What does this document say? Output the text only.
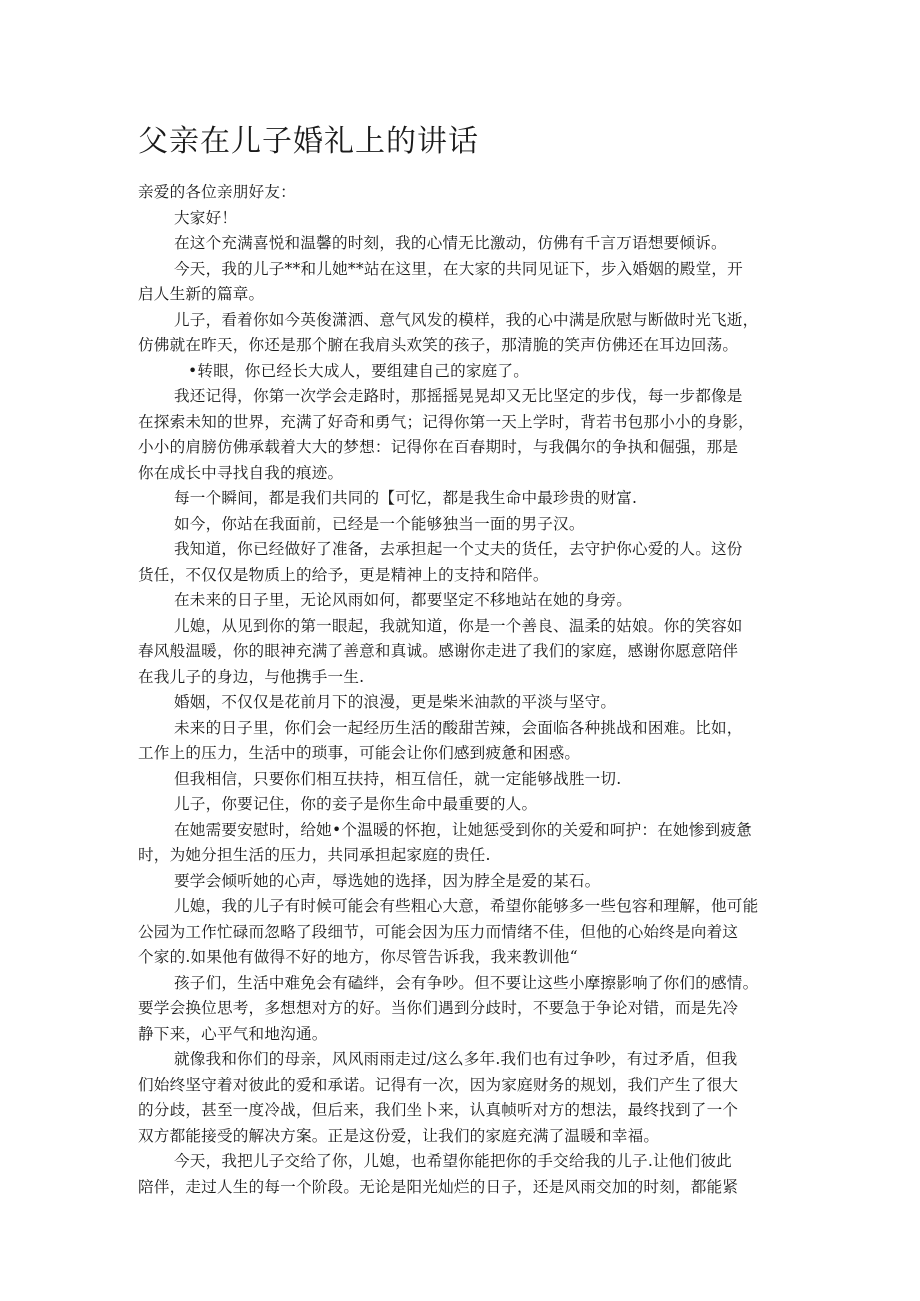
父亲在儿子婚礼上的讲话
亲爱的各位亲朋好友：
大家好！
在这个充满喜悦和温馨的时刻，我的心情无比激动，仿佛有千言万语想要倾诉。
今天，我的儿子**和儿她**站在这里，在大家的共同见证下，步入婚姻的殿堂，开
启人生新的篇章。
儿子，看着你如今英俊潇洒、意气风发的模样，我的心中满是欣慰与断做时光飞逝，
仿佛就在昨天，你还是那个腑在我肩头欢笑的孩子，那清脆的笑声仿佛还在耳边回荡。
•转眼，你已经长大成人，要组建自己的家庭了。
我还记得，你第一次学会走路时，那摇摇晃晃却又无比坚定的步伐，每一步都像是
在探索未知的世界，充满了好奇和勇气；记得你第一天上学时，背若书包那小小的身影，
小小的肩膀仿佛承载着大大的梦想：记得你在百春期时，与我偶尔的争执和倔强，那是
你在成长中寻找自我的痕迹。
每一个瞬间，都是我们共同的【可忆，都是我生命中最珍贵的财富.
如今，你站在我面前，已经是一个能够独当一面的男子汉。
我知道，你已经做好了准备，去承担起一个丈夫的货任，去守护你心爱的人。这份
货任，不仅仅是物质上的给予，更是精神上的支持和陪伴。
在未来的日子里，无论风雨如何，都要坚定不移地站在她的身旁。
儿媳，从见到你的第一眼起，我就知道，你是一个善良、温柔的姑娘。你的笑容如
春风般温暖，你的眼神充满了善意和真诚。感谢你走进了我们的家庭，感谢你愿意陪伴
在我儿子的身边，与他携手一生.
婚姻，不仅仅是花前月下的浪漫，更是柴米油款的平淡与坚守。
未来的日子里，你们会一起经历生活的酸甜苦辣，会面临各种挑战和困难。比如，
工作上的压力，生活中的琐事，可能会让你们感到疲惫和困惑。
但我相信，只要你们相互扶持，相互信任，就一定能够战胜一切.
儿子，你要记住，你的妾子是你生命中最重要的人。
在她需要安慰时，给她•个温暖的怀抱，让她惩受到你的关爱和呵护：在她惨到疲惫
时，为她分担生活的压力，共同承担起家庭的贵任.
要学会倾听她的心声，辱选她的选择，因为脖全是爱的某石。
儿媳，我的儿子有时候可能会有些粗心大意，希望你能够多一些包容和理解，他可能
公园为工作忙碌而忽略了段细节，可能会因为压力而情绪不佳，但他的心始终是向着这
个家的.如果他有做得不好的地方，你尽管告诉我，我来教训他“
孩子们，生活中难免会有磕绊，会有争吵。但不要让这些小摩擦影响了你们的感情。
要学会换位思考，多想想对方的好。当你们遇到分歧时，不要急于争论对错，而是先冷
静下来，心平气和地沟通。
就像我和你们的母亲，风风雨雨走过/这么多年.我们也有过争吵，有过矛盾，但我
们始终坚守着对彼此的爱和承诺。记得有一次，因为家庭财务的规划，我们产生了很大
的分歧，甚至一度冷战，但后来，我们坐卜来，认真帧听对方的想法，最终找到了一个
双方都能接受的解决方案。正是这份爱，让我们的家庭充满了温暖和幸福。
今天，我把儿子交给了你，儿媳，也希望你能把你的手交给我的儿子.让他们彼此
陪伴，走过人生的每一个阶段。无论是阳光灿烂的日子，还是风雨交加的时刻，都能紧
